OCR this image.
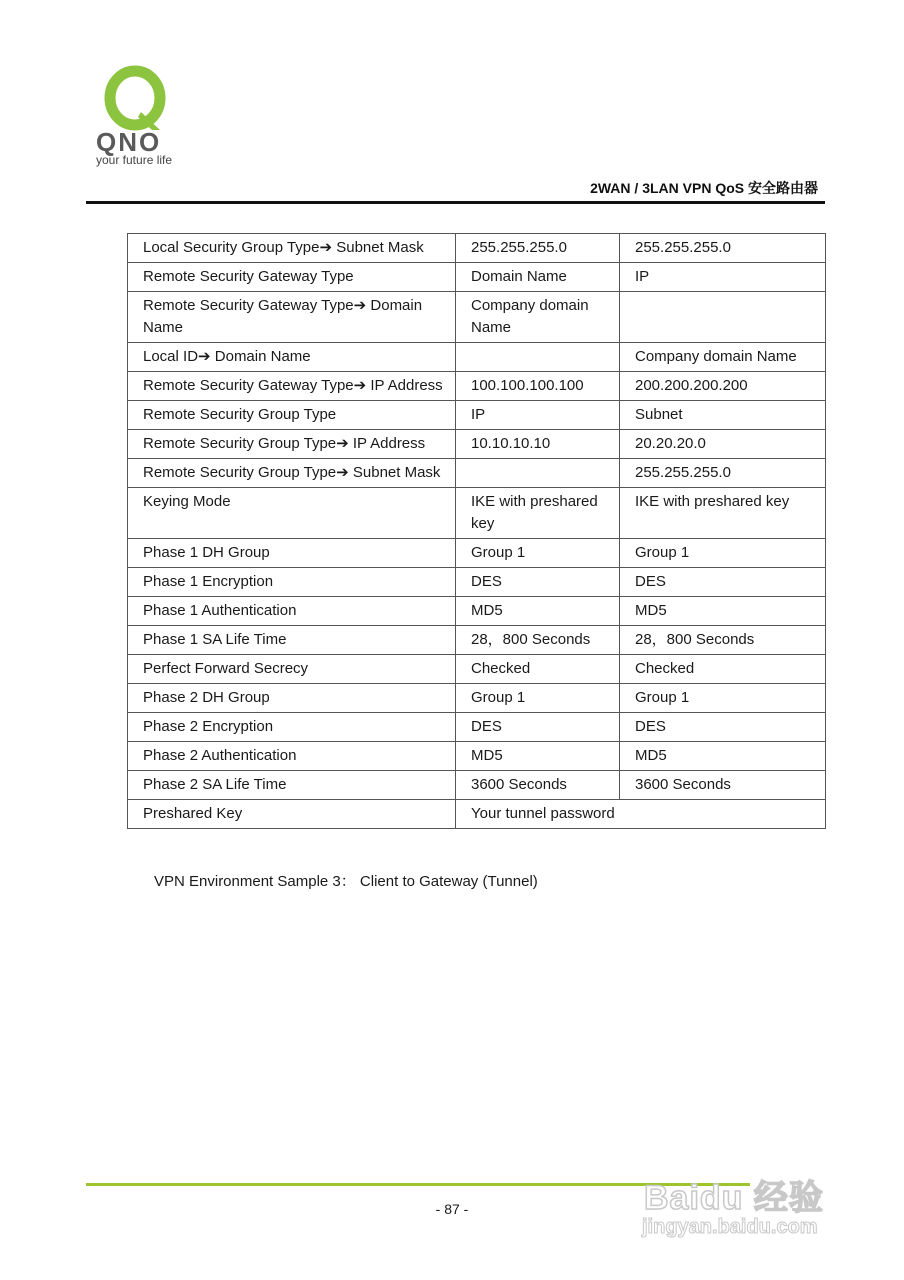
QNO
your future life
2WAN / 3LAN VPN QoS 安全路由器
Local Security Group Type➔ Subnet Mask	255.255.255.0	255.255.255.0
Remote Security Gateway Type	Domain Name	IP
Remote Security Gateway Type➔ Domain Name	Company domain Name	
Local ID➔ Domain Name		Company domain Name
Remote Security Gateway Type➔ IP Address	100.100.100.100	200.200.200.200
Remote Security Group Type	IP	Subnet
Remote Security Group Type➔ IP Address	10.10.10.10	20.20.20.0
Remote Security Group Type➔ Subnet Mask		255.255.255.0
Keying Mode	IKE with preshared key	IKE with preshared key
Phase 1 DH Group	Group 1	Group 1
Phase 1 Encryption	DES	DES
Phase 1 Authentication	MD5	MD5
Phase 1 SA Life Time	28，800 Seconds	28，800 Seconds
Perfect Forward Secrecy	Checked	Checked
Phase 2 DH Group	Group 1	Group 1
Phase 2 Encryption	DES	DES
Phase 2 Authentication	MD5	MD5
Phase 2 SA Life Time	3600 Seconds	3600 Seconds
Preshared Key	Your tunnel password	
VPN Environment Sample 3： Client to Gateway (Tunnel)
- 87 -	Baidu 经验
jingyan.baidu.com
